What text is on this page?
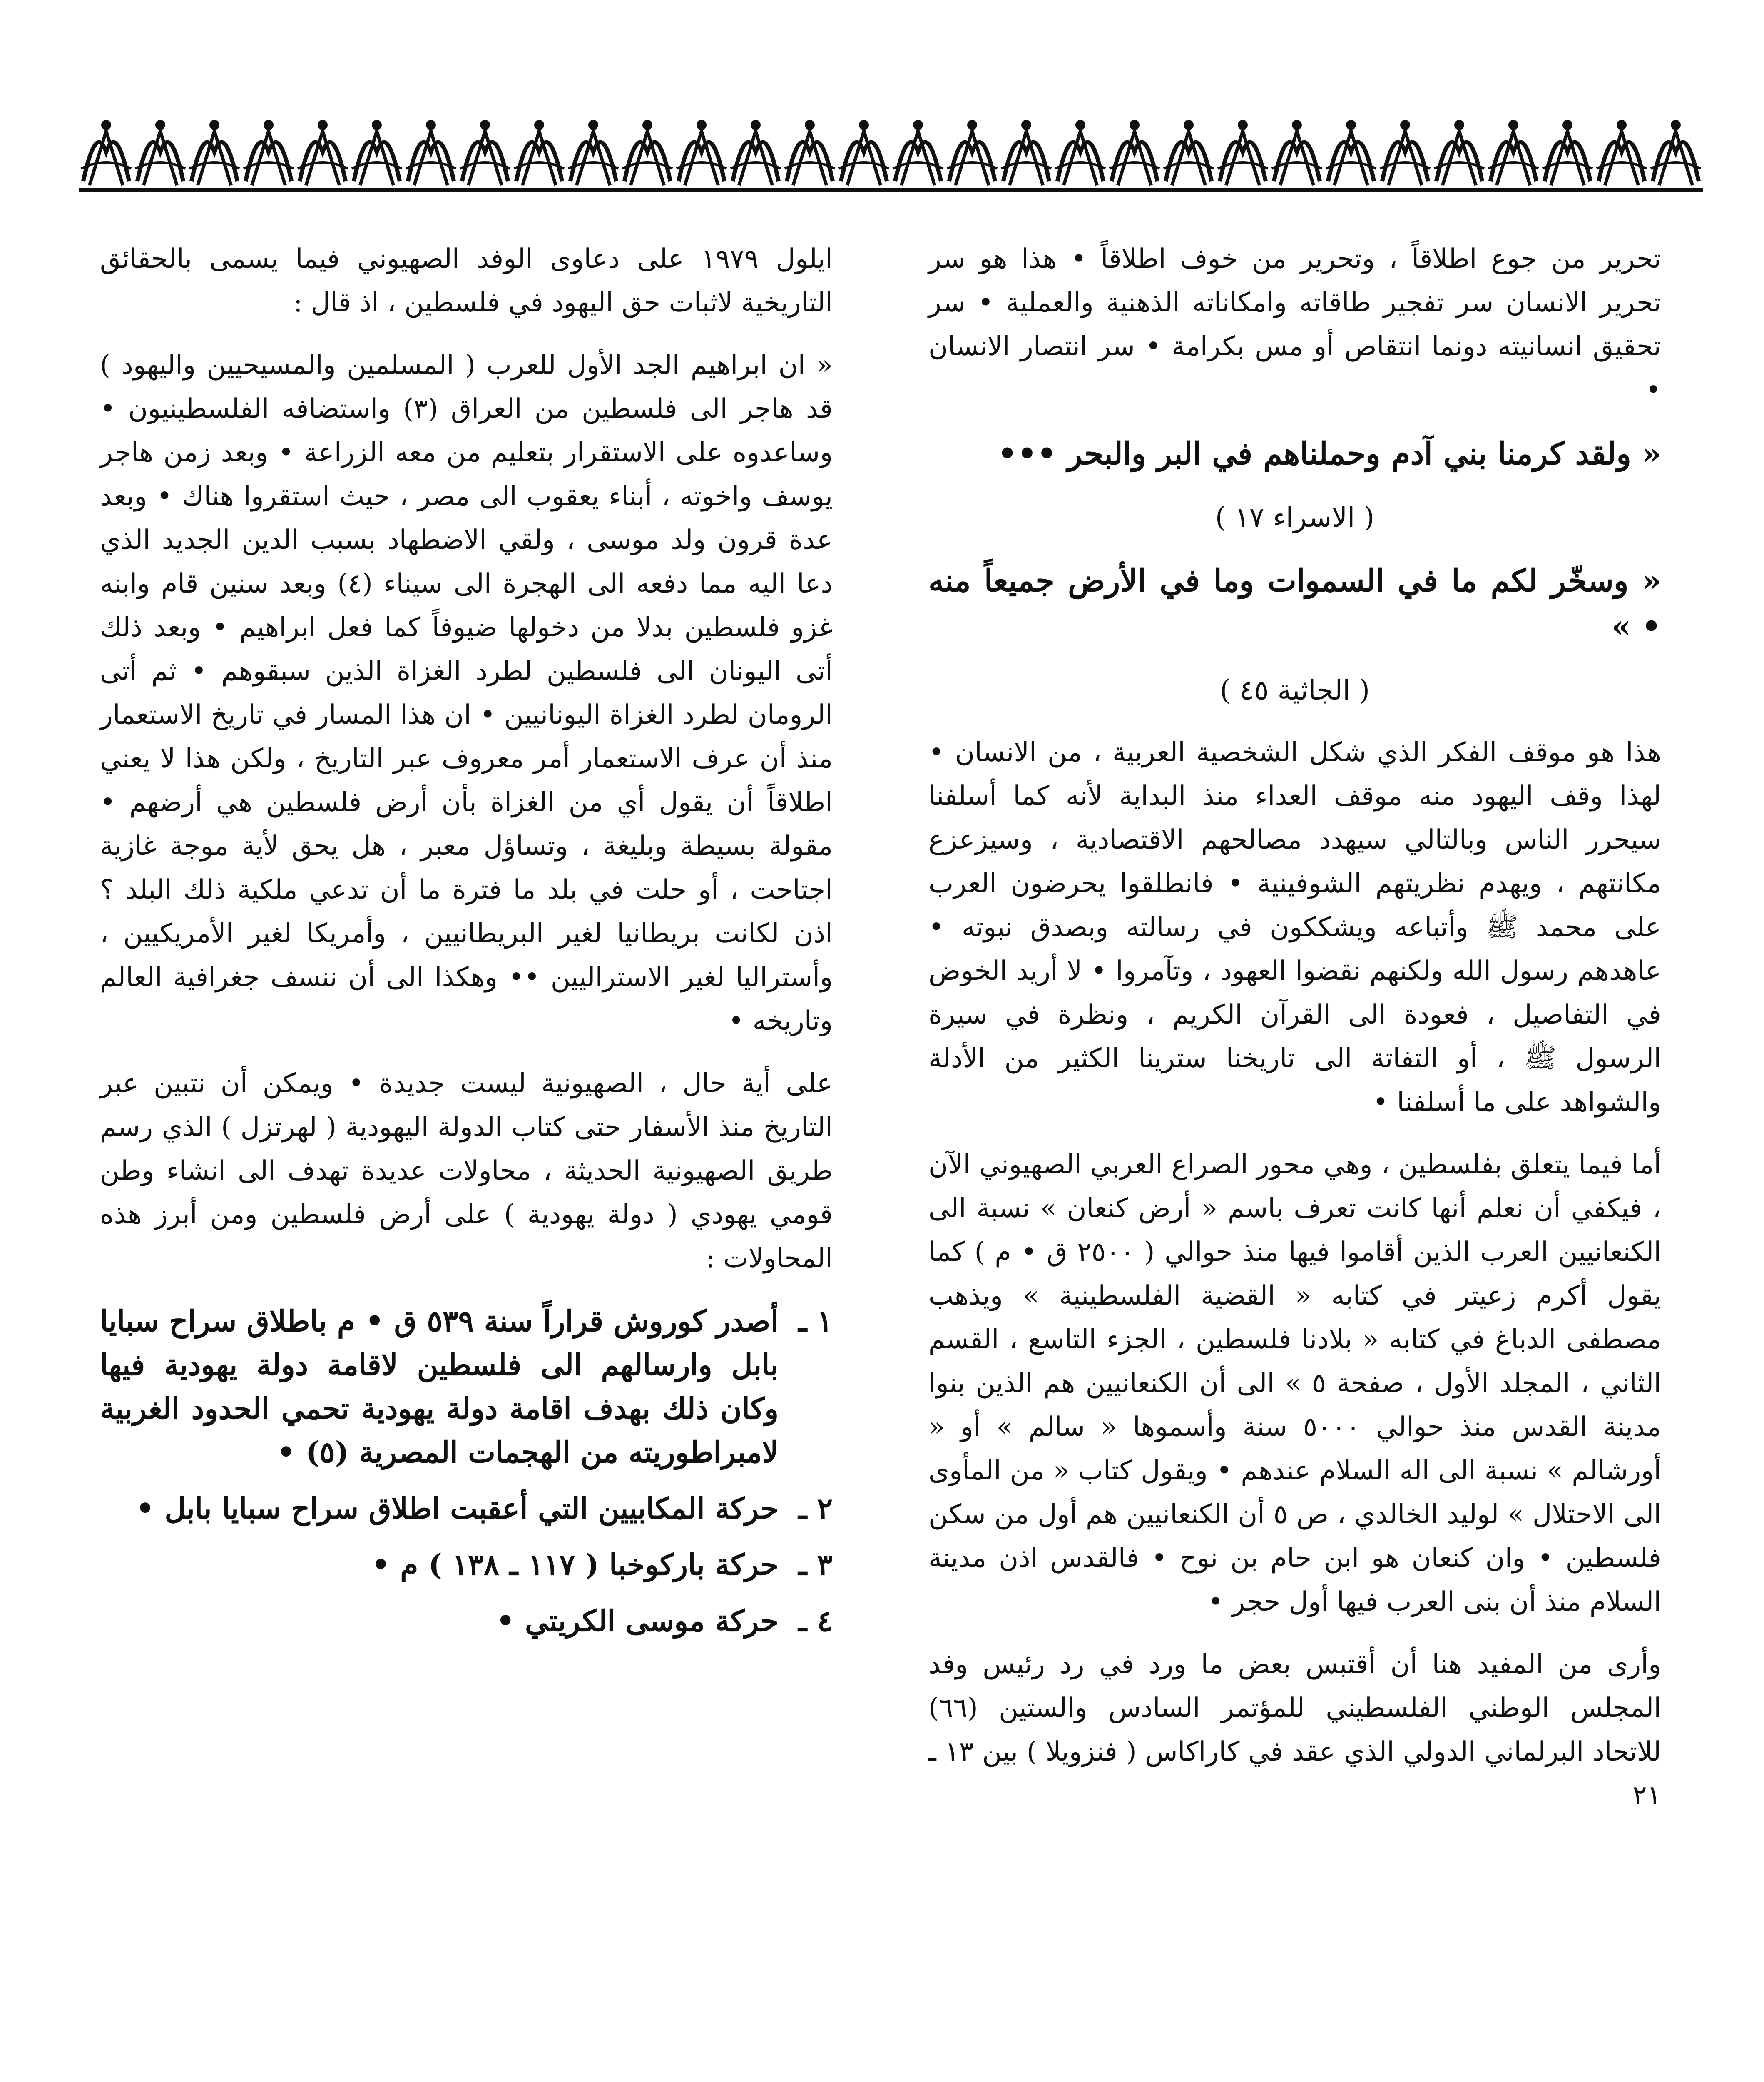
تحرير من جوع اطلاقاً ، وتحرير من خوف اطلاقاً • هذا هو سر تحرير الانسان سر تفجير طاقاته وامكاناته الذهنية والعملية • سر تحقيق انسانيته دونما انتقاص أو مس بكرامة • سر انتصار الانسان •

« ولقد كرمنا بني آدم وحملناهم في البر والبحر •••

( الاسراء ١٧ )

« وسخّر لكم ما في السموات وما في الأرض جميعاً منه • »

( الجاثية ٤٥ )

هذا هو موقف الفكر الذي شكل الشخصية العربية ، من الانسان • لهذا وقف اليهود منه موقف العداء منذ البداية لأنه كما أسلفنا سيحرر الناس وبالتالي سيهدد مصالحهم الاقتصادية ، وسيزعزع مكانتهم ، ويهدم نظريتهم الشوفينية • فانطلقوا يحرضون العرب على محمد ﷺ وأتباعه ويشككون في رسالته وبصدق نبوته • عاهدهم رسول الله ولكنهم نقضوا العهود ، وتآمروا • لا أريد الخوض في التفاصيل ، فعودة الى القرآن الكريم ، ونظرة في سيرة الرسول ﷺ ، أو التفاتة الى تاريخنا سترينا الكثير من الأدلة والشواهد على ما أسلفنا •

أما فيما يتعلق بفلسطين ، وهي محور الصراع العربي الصهيوني الآن ، فيكفي أن نعلم أنها كانت تعرف باسم « أرض كنعان » نسبة الى الكنعانيين العرب الذين أقاموا فيها منذ حوالي ( ٢٥٠٠ ق • م ) كما يقول أكرم زعيتر في كتابه « القضية الفلسطينية » ويذهب مصطفى الدباغ في كتابه « بلادنا فلسطين ، الجزء التاسع ، القسم الثاني ، المجلد الأول ، صفحة ٥ » الى أن الكنعانيين هم الذين بنوا مدينة القدس منذ حوالي ٥٠٠٠ سنة وأسموها « سالم » أو « أورشالم » نسبة الى اله السلام عندهم • ويقول كتاب « من المأوى الى الاحتلال » لوليد الخالدي ، ص ٥ أن الكنعانيين هم أول من سكن فلسطين • وان كنعان هو ابن حام بن نوح • فالقدس اذن مدينة السلام منذ أن بنى العرب فيها أول حجر •

وأرى من المفيد هنا أن أقتبس بعض ما ورد في رد رئيس وفد المجلس الوطني الفلسطيني للمؤتمر السادس والستين (٦٦) للاتحاد البرلماني الدولي الذي عقد في كاراكاس ( فنزويلا ) بين ١٣ ـ ٢١

ايلول ١٩٧٩ على دعاوى الوفد الصهيوني فيما يسمى بالحقائق التاريخية لاثبات حق اليهود في فلسطين ، اذ قال :

« ان ابراهيم الجد الأول للعرب ( المسلمين والمسيحيين واليهود ) قد هاجر الى فلسطين من العراق (٣) واستضافه الفلسطينيون • وساعدوه على الاستقرار بتعليم من معه الزراعة • وبعد زمن هاجر يوسف واخوته ، أبناء يعقوب الى مصر ، حيث استقروا هناك • وبعد عدة قرون ولد موسى ، ولقي الاضطهاد بسبب الدين الجديد الذي دعا اليه مما دفعه الى الهجرة الى سيناء (٤) وبعد سنين قام وابنه غزو فلسطين بدلا من دخولها ضيوفاً كما فعل ابراهيم • وبعد ذلك أتى اليونان الى فلسطين لطرد الغزاة الذين سبقوهم • ثم أتى الرومان لطرد الغزاة اليونانيين • ان هذا المسار في تاريخ الاستعمار منذ أن عرف الاستعمار أمر معروف عبر التاريخ ، ولكن هذا لا يعني اطلاقاً أن يقول أي من الغزاة بأن أرض فلسطين هي أرضهم • مقولة بسيطة وبليغة ، وتساؤل معبر ، هل يحق لأية موجة غازية اجتاحت ، أو حلت في بلد ما فترة ما أن تدعي ملكية ذلك البلد ؟ اذن لكانت بريطانيا لغير البريطانيين ، وأمريكا لغير الأمريكيين ، وأستراليا لغير الاستراليين •• وهكذا الى أن ننسف جغرافية العالم وتاريخه •

على أية حال ، الصهيونية ليست جديدة • ويمكن أن نتبين عبر التاريخ منذ الأسفار حتى كتاب الدولة اليهودية ( لهرتزل ) الذي رسم طريق الصهيونية الحديثة ، محاولات عديدة تهدف الى انشاء وطن قومي يهودي ( دولة يهودية ) على أرض فلسطين ومن أبرز هذه المحاولات :

١ ـ
أصدر كوروش قراراً سنة ٥٣٩ ق • م باطلاق سراح سبايا بابل وارسالهم الى فلسطين لاقامة دولة يهودية فيها وكان ذلك بهدف اقامة دولة يهودية تحمي الحدود الغربية لامبراطوريته من الهجمات المصرية (٥) •
٢ ـ
حركة المكابيين التي أعقبت اطلاق سراح سبايا بابل •
٣ ـ
حركة باركوخبا ( ١١٧ ـ ١٣٨ ) م •
٤ ـ
حركة موسى الكريتي •
